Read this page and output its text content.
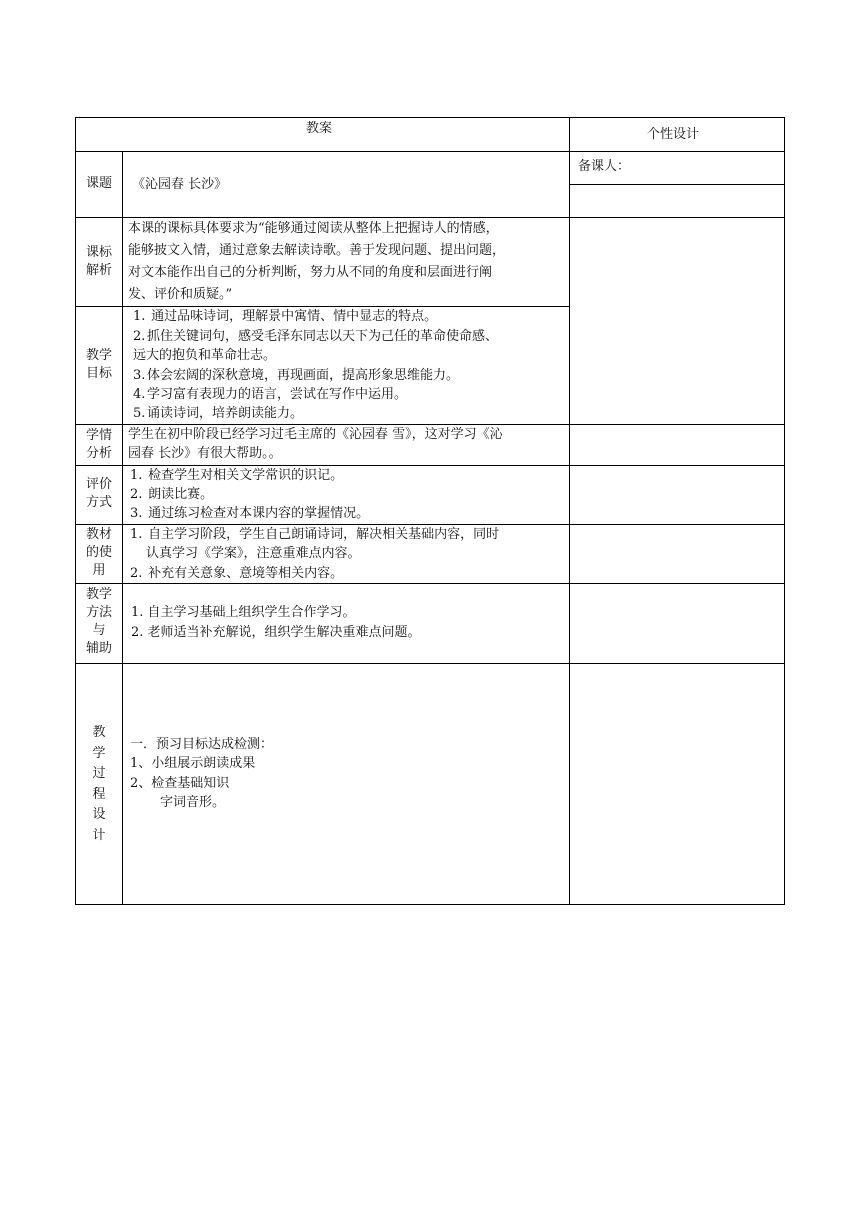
教案	个性设计
课题	《沁园春 长沙》
备课人：
课标
解析
本课的课标具体要求为“能够通过阅读从整体上把握诗人的情感，
能够披文入情，通过意象去解读诗歌。善于发现问题、提出问题，
对文本能作出自己的分析判断，努力从不同的角度和层面进行阐
发、评价和质疑。”
教学
目标
1. 通过品味诗词，理解景中寓情、情中显志的特点。
2. 抓住关键词句，感受毛泽东同志以天下为己任的革命使命感、
远大的抱负和革命壮志。
3. 体会宏阔的深秋意境，再现画面，提高形象思维能力。
4. 学习富有表现力的语言，尝试在写作中运用。
5. 诵读诗词，培养朗读能力。
学情
分析
学生在初中阶段已经学习过毛主席的《沁园春 雪》，这对学习《沁
园春 长沙》有很大帮助。。
评价
方式
1. 检查学生对相关文学常识的识记。
2. 朗读比赛。
3. 通过练习检查对本课内容的掌握情况。
教材
的使
用
1. 自主学习阶段，学生自己朗诵诗词，解决相关基础内容，同时
认真学习《学案》，注意重难点内容。
2. 补充有关意象、意境等相关内容。
教学
方法
与
辅助
1. 自主学习基础上组织学生合作学习。
2. 老师适当补充解说，组织学生解决重难点问题。
教
学
过
程
设
计
一．预习目标达成检测：
1、小组展示朗读成果
2、检查基础知识
字词音形。
